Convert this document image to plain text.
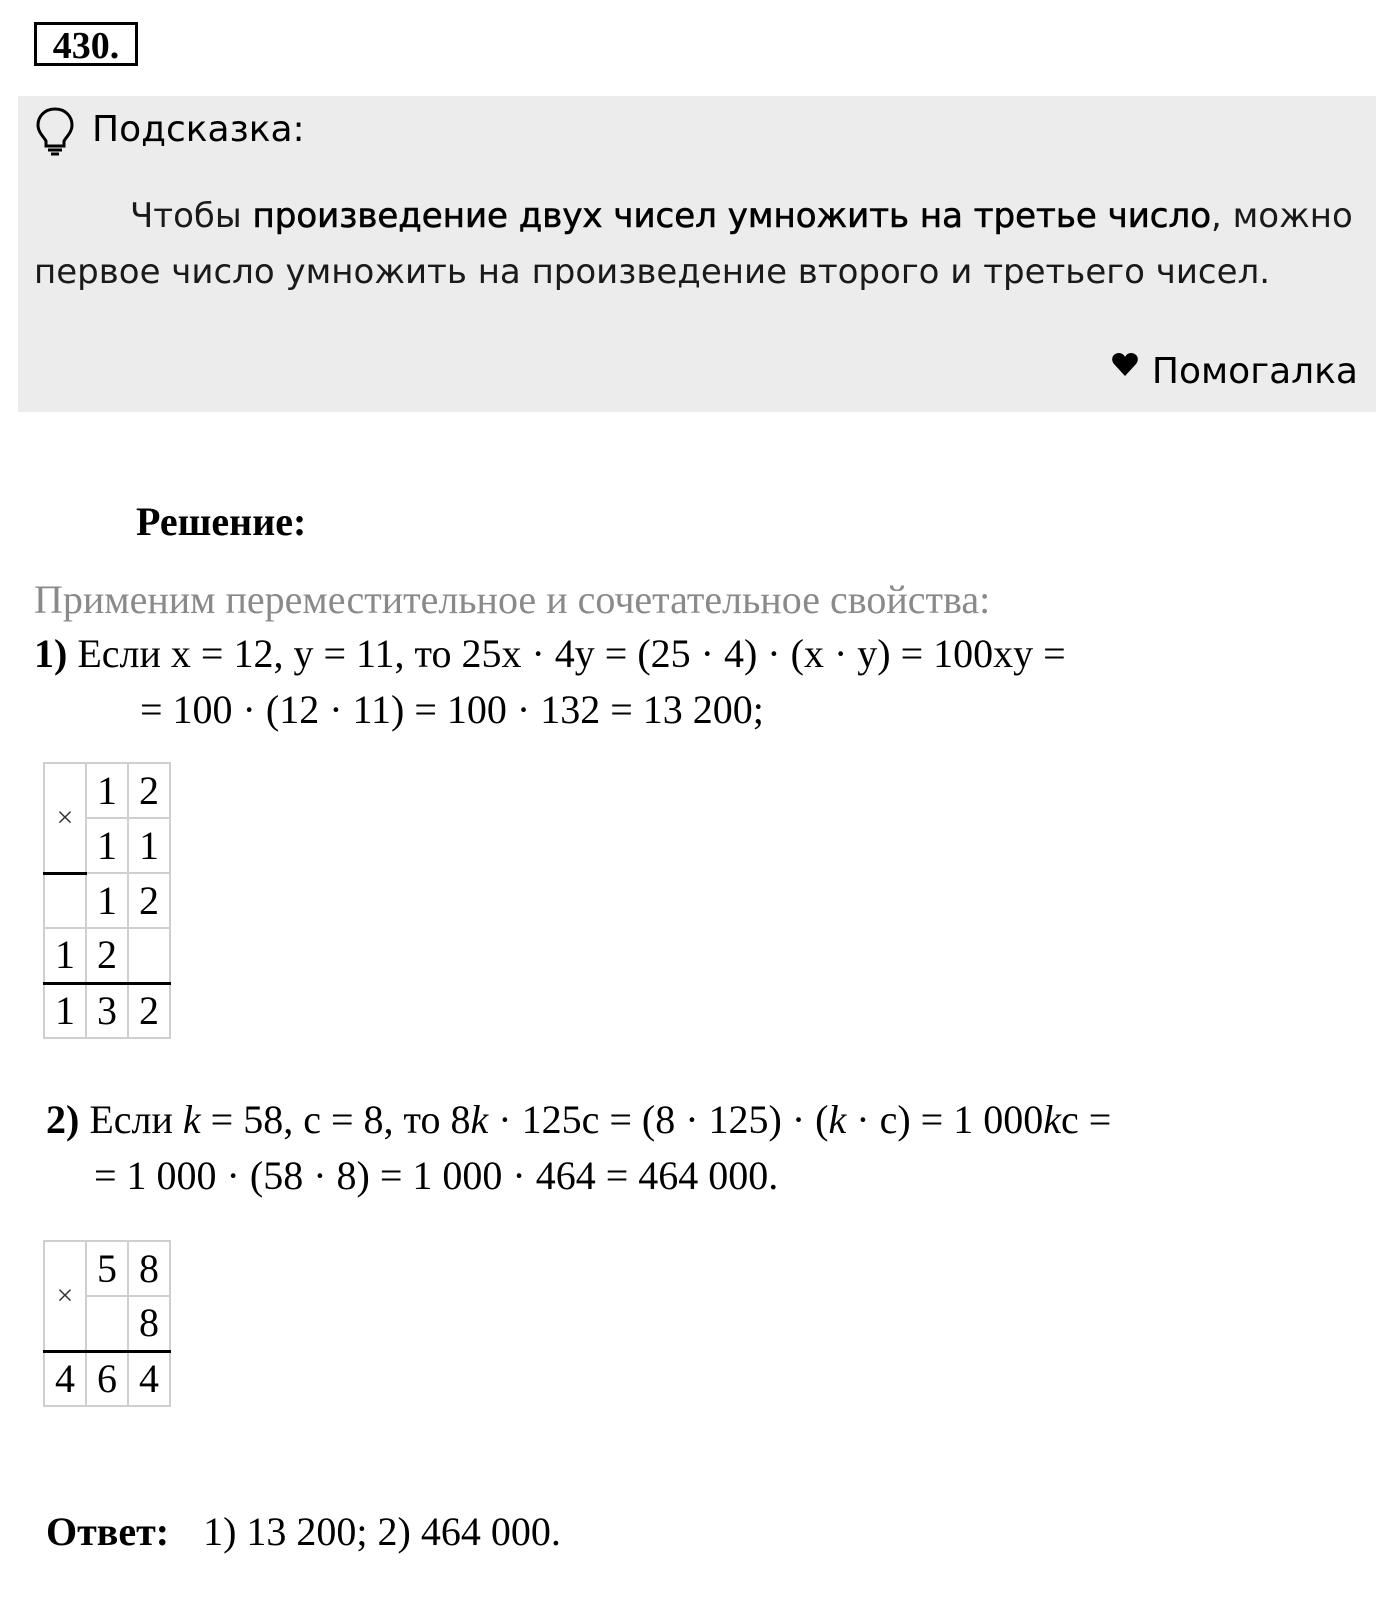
430.
Подсказка:
Чтобы произведение двух чисел умножить на третье число, можно первое число умножить на произведение второго и третьего чисел.
Помогалка
Решение:
Применим переместительное и сочетательное свойства:
1) Если x = 12, y = 11, то 25x · 4y = (25 · 4) · (x · y) = 100xy =
= 100 · (12 · 11) = 100 · 132 = 13 200;
×	1	2
	1	1
	1	2
1	2	
1	3	2
2) Если k = 58, c = 8, то 8k · 125c = (8 · 125) · (k · c) = 1 000kc =
= 1 000 · (58 · 8) = 1 000 · 464 = 464 000.
×	5	8
		8
4	6	4
Ответ: 1) 13 200; 2) 464 000.
